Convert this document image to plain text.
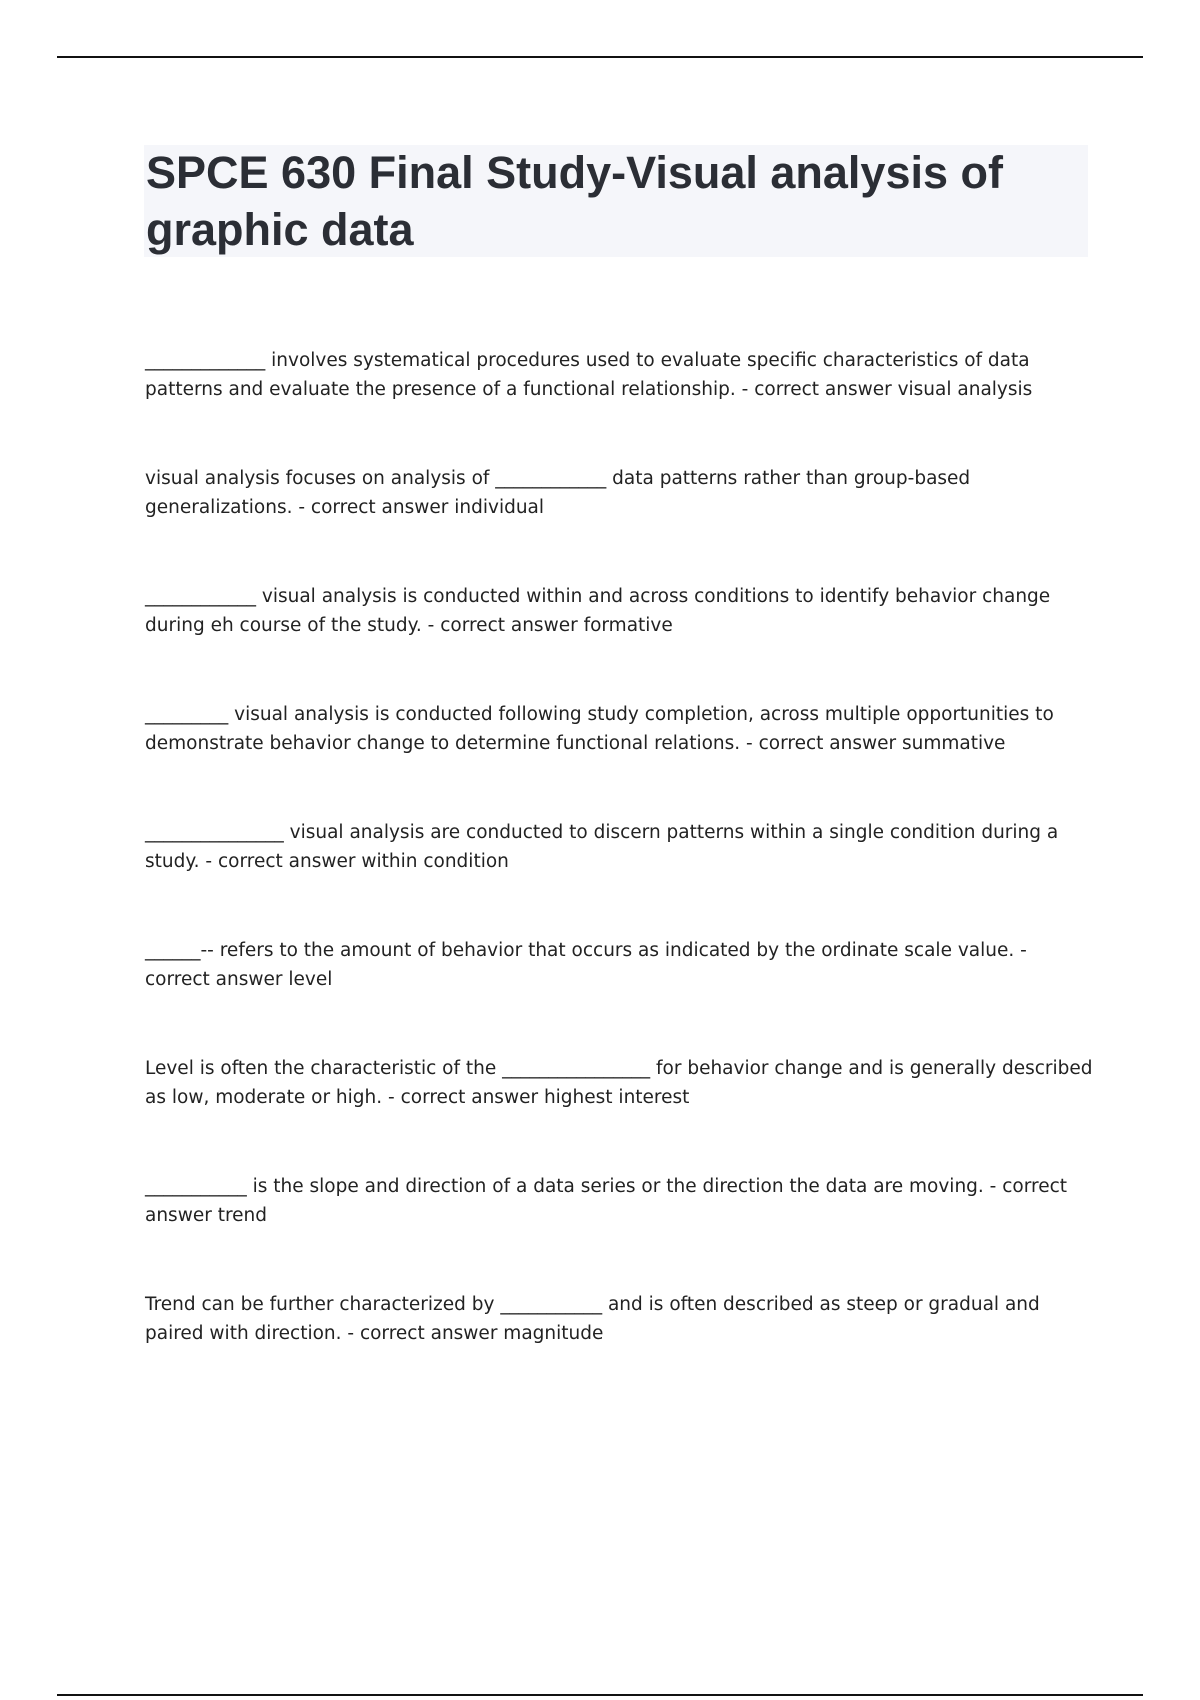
SPCE 630 Final Study-Visual analysis of graphic data

_____________ involves systematical procedures used to evaluate specific characteristics of data patterns and evaluate the presence of a functional relationship. - correct answer visual analysis

visual analysis focuses on analysis of ____________ data patterns rather than group-based generalizations. - correct answer individual

____________ visual analysis is conducted within and across conditions to identify behavior change during eh course of the study. - correct answer formative

_________ visual analysis is conducted following study completion, across multiple opportunities to demonstrate behavior change to determine functional relations. - correct answer summative

_______________ visual analysis are conducted to discern patterns within a single condition during a study. - correct answer within condition

______-- refers to the amount of behavior that occurs as indicated by the ordinate scale value. - correct answer level

Level is often the characteristic of the ________________ for behavior change and is generally described as low, moderate or high. - correct answer highest interest

___________ is the slope and direction of a data series or the direction the data are moving. - correct answer trend

Trend can be further characterized by ___________ and is often described as steep or gradual and paired with direction. - correct answer magnitude
